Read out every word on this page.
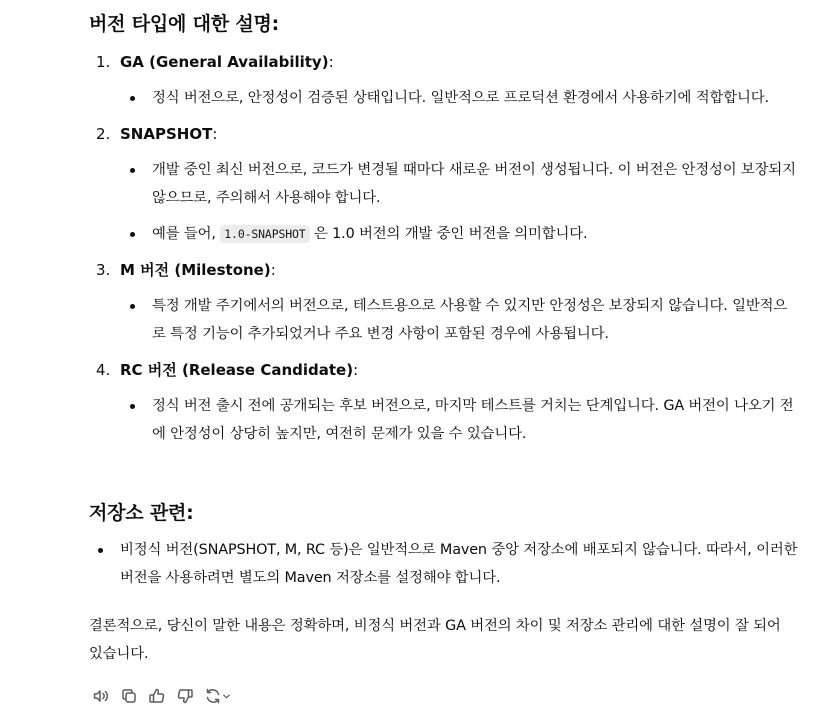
버전 타입에 대한 설명:
1. GA (General Availability):
정식 버전으로, 안정성이 검증된 상태입니다. 일반적으로 프로덕션 환경에서 사용하기에 적합합니다.
2. SNAPSHOT:
개발 중인 최신 버전으로, 코드가 변경될 때마다 새로운 버전이 생성됩니다. 이 버전은 안정성이 보장되지 않으므로, 주의해서 사용해야 합니다.
예를 들어, 1.0-SNAPSHOT 은 1.0 버전의 개발 중인 버전을 의미합니다.
3. M 버전 (Milestone):
특정 개발 주기에서의 버전으로, 테스트용으로 사용할 수 있지만 안정성은 보장되지 않습니다. 일반적으로 특정 기능이 추가되었거나 주요 변경 사항이 포함된 경우에 사용됩니다.
4. RC 버전 (Release Candidate):
정식 버전 출시 전에 공개되는 후보 버전으로, 마지막 테스트를 거치는 단계입니다. GA 버전이 나오기 전에 안정성이 상당히 높지만, 여전히 문제가 있을 수 있습니다.
저장소 관련:
비정식 버전(SNAPSHOT, M, RC 등)은 일반적으로 Maven 중앙 저장소에 배포되지 않습니다. 따라서, 이러한 버전을 사용하려면 별도의 Maven 저장소를 설정해야 합니다.

결론적으로, 당신이 말한 내용은 정확하며, 비정식 버전과 GA 버전의 차이 및 저장소 관리에 대한 설명이 잘 되어 있습니다.
